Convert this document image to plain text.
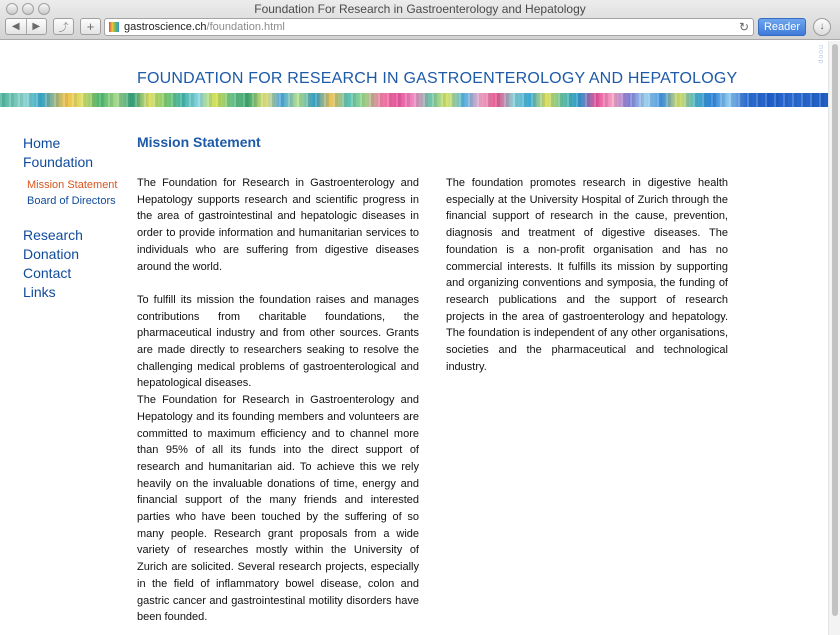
Foundation For Research in Gastroenterology and Hepatology
◀	▶	⤴ +	gastroscience.ch /foundation.html	↻	Reader	↓
FOUNDATION FOR RESEARCH IN GASTROENTEROLOGY AND HEPATOLOGY
noop
Home
Foundation
Mission Statement
Board of Directors
Research
Donation
Contact
Links
Mission Statement

The Foundation for Research in Gastroenterology and Hepatology supports research and scientific progress in the area of gastrointestinal and hepatologic diseases in order to provide information and humanitarian services to individuals who are suffering from digestive diseases around the world.

To fulfill its mission the foundation raises and manages contributions from charitable foundations, the pharmaceutical industry and from other sources. Grants are made directly to researchers seaking to resolve the challenging medical problems of gastroenterological and hepatological diseases.

The Foundation for Research in Gastroenterology and Hepatology and its founding members and volunteers are committed to maximum efficiency and to channel more than 95% of all its funds into the direct support of research and humanitarian aid. To achieve this we rely heavily on the invaluable donations of time, energy and financial support of the many friends and interested parties who have been touched by the suffering of so many people. Research grant proposals from a wide variety of researches mostly within the University of Zurich are solicited. Several research projects, especially in the field of inflammatory bowel disease, colon and gastric cancer and gastrointestinal motility disorders have been founded.

The foundation promotes research in digestive health especially at the University Hospital of Zurich through the financial support of research in the cause, prevention, diagnosis and treatment of digestive diseases. The foundation is a non-profit organisation and has no commercial interests. It fulfills its mission by supporting and organizing conventions and symposia, the funding of research publications and the support of research projects in the area of gastroenterology and hepatology. The foundation is independent of any other organisations, societies and the pharmaceutical and technological industry.
